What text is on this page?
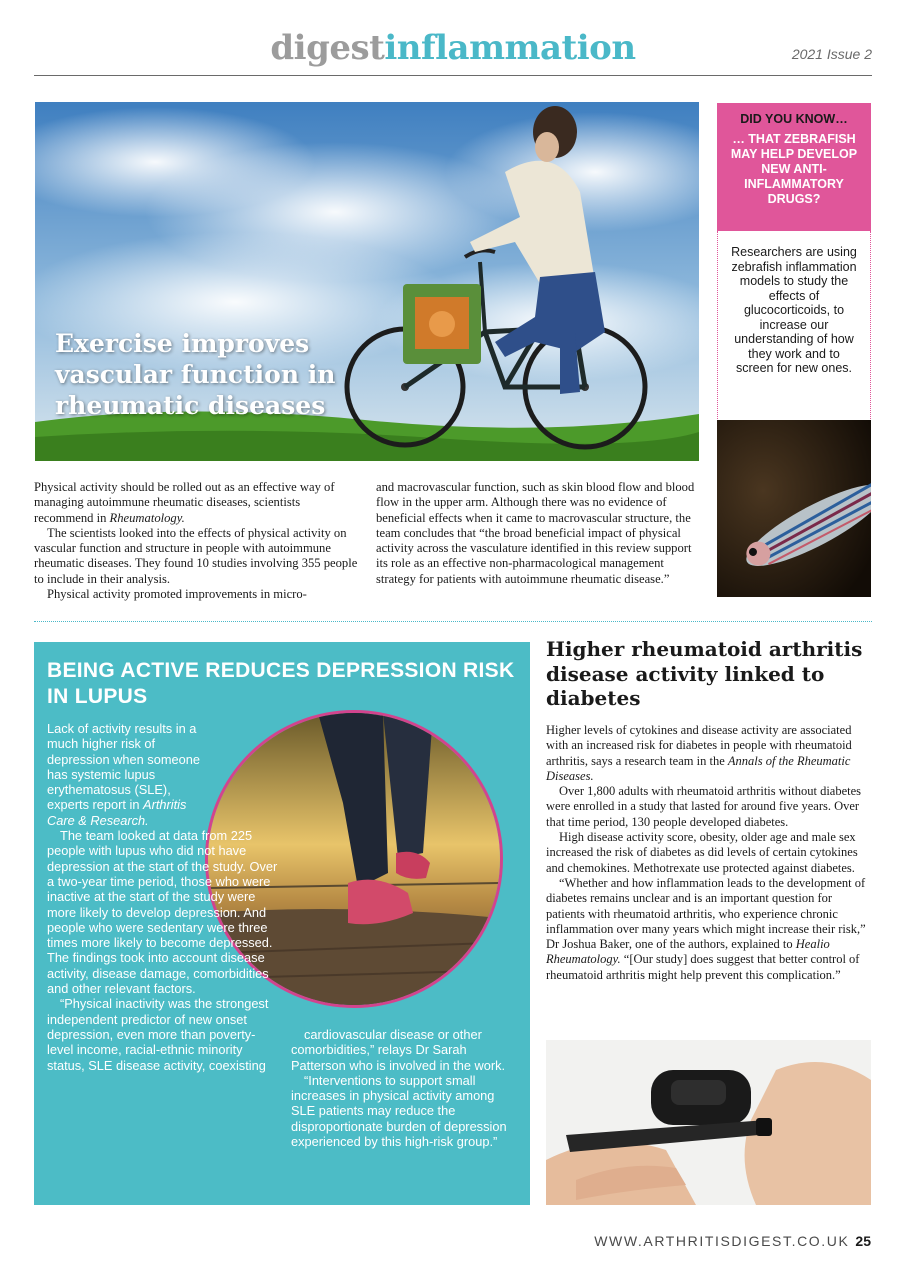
digestinflammation	2021 Issue 2
Exercise improves vascular function in rheumatic diseases
DID YOU KNOW…
… THAT ZEBRAFISH MAY HELP DEVELOP NEW ANTI-INFLAMMATORY DRUGS?
Researchers are using zebrafish inflammation models to study the effects of glucocorticoids, to increase our understanding of how they work and to screen for new ones.

Physical activity should be rolled out as an effective way of managing autoimmune rheumatic diseases, scientists recommend in Rheumatology.

The scientists looked into the effects of physical activity on vascular function and structure in people with autoimmune rheumatic diseases. They found 10 studies involving 355 people to include in their analysis.

Physical activity promoted improvements in micro-

and macrovascular function, such as skin blood flow and blood flow in the upper arm. Although there was no evidence of beneficial effects when it came to macrovascular structure, the team concludes that “the broad beneficial impact of physical activity across the vasculature identified in this review support its role as an effective non-pharmacological management strategy for patients with autoimmune rheumatic disease.”

BEING ACTIVE REDUCES DEPRESSION RISK IN LUPUS

Lack of activity results in a much higher risk of depression when someone has systemic lupus erythematosus (SLE), experts report in Arthritis Care & Research.

The team looked at data from 225 people with lupus who did not have depression at the start of the study. Over a two-year time period, those who were inactive at the start of the study were more likely to develop depression. And people who were sedentary were three times more likely to become depressed. The findings took into account disease activity, disease damage, comorbidities and other relevant factors.

“Physical inactivity was the strongest independent predictor of new onset depression, even more than poverty-level income, racial-ethnic minority status, SLE disease activity, coexisting

cardiovascular disease or other comorbidities,” relays Dr Sarah Patterson who is involved in the work.

“Interventions to support small increases in physical activity among SLE patients may reduce the disproportionate burden of depression experienced by this high-risk group.”

Higher rheumatoid arthritis disease activity linked to diabetes

Higher levels of cytokines and disease activity are associated with an increased risk for diabetes in people with rheumatoid arthritis, says a research team in the Annals of the Rheumatic Diseases.

Over 1,800 adults with rheumatoid arthritis without diabetes were enrolled in a study that lasted for around five years. Over that time period, 130 people developed diabetes.

High disease activity score, obesity, older age and male sex increased the risk of diabetes as did levels of certain cytokines and chemokines. Methotrexate use protected against diabetes.

“Whether and how inflammation leads to the development of diabetes remains unclear and is an important question for patients with rheumatoid arthritis, who experience chronic inflammation over many years which might increase their risk,” Dr Joshua Baker, one of the authors, explained to Healio Rheumatology. “[Our study] does suggest that better control of rheumatoid arthritis might help prevent this complication.”

WWW.ARTHRITISDIGEST.CO.UK 25
